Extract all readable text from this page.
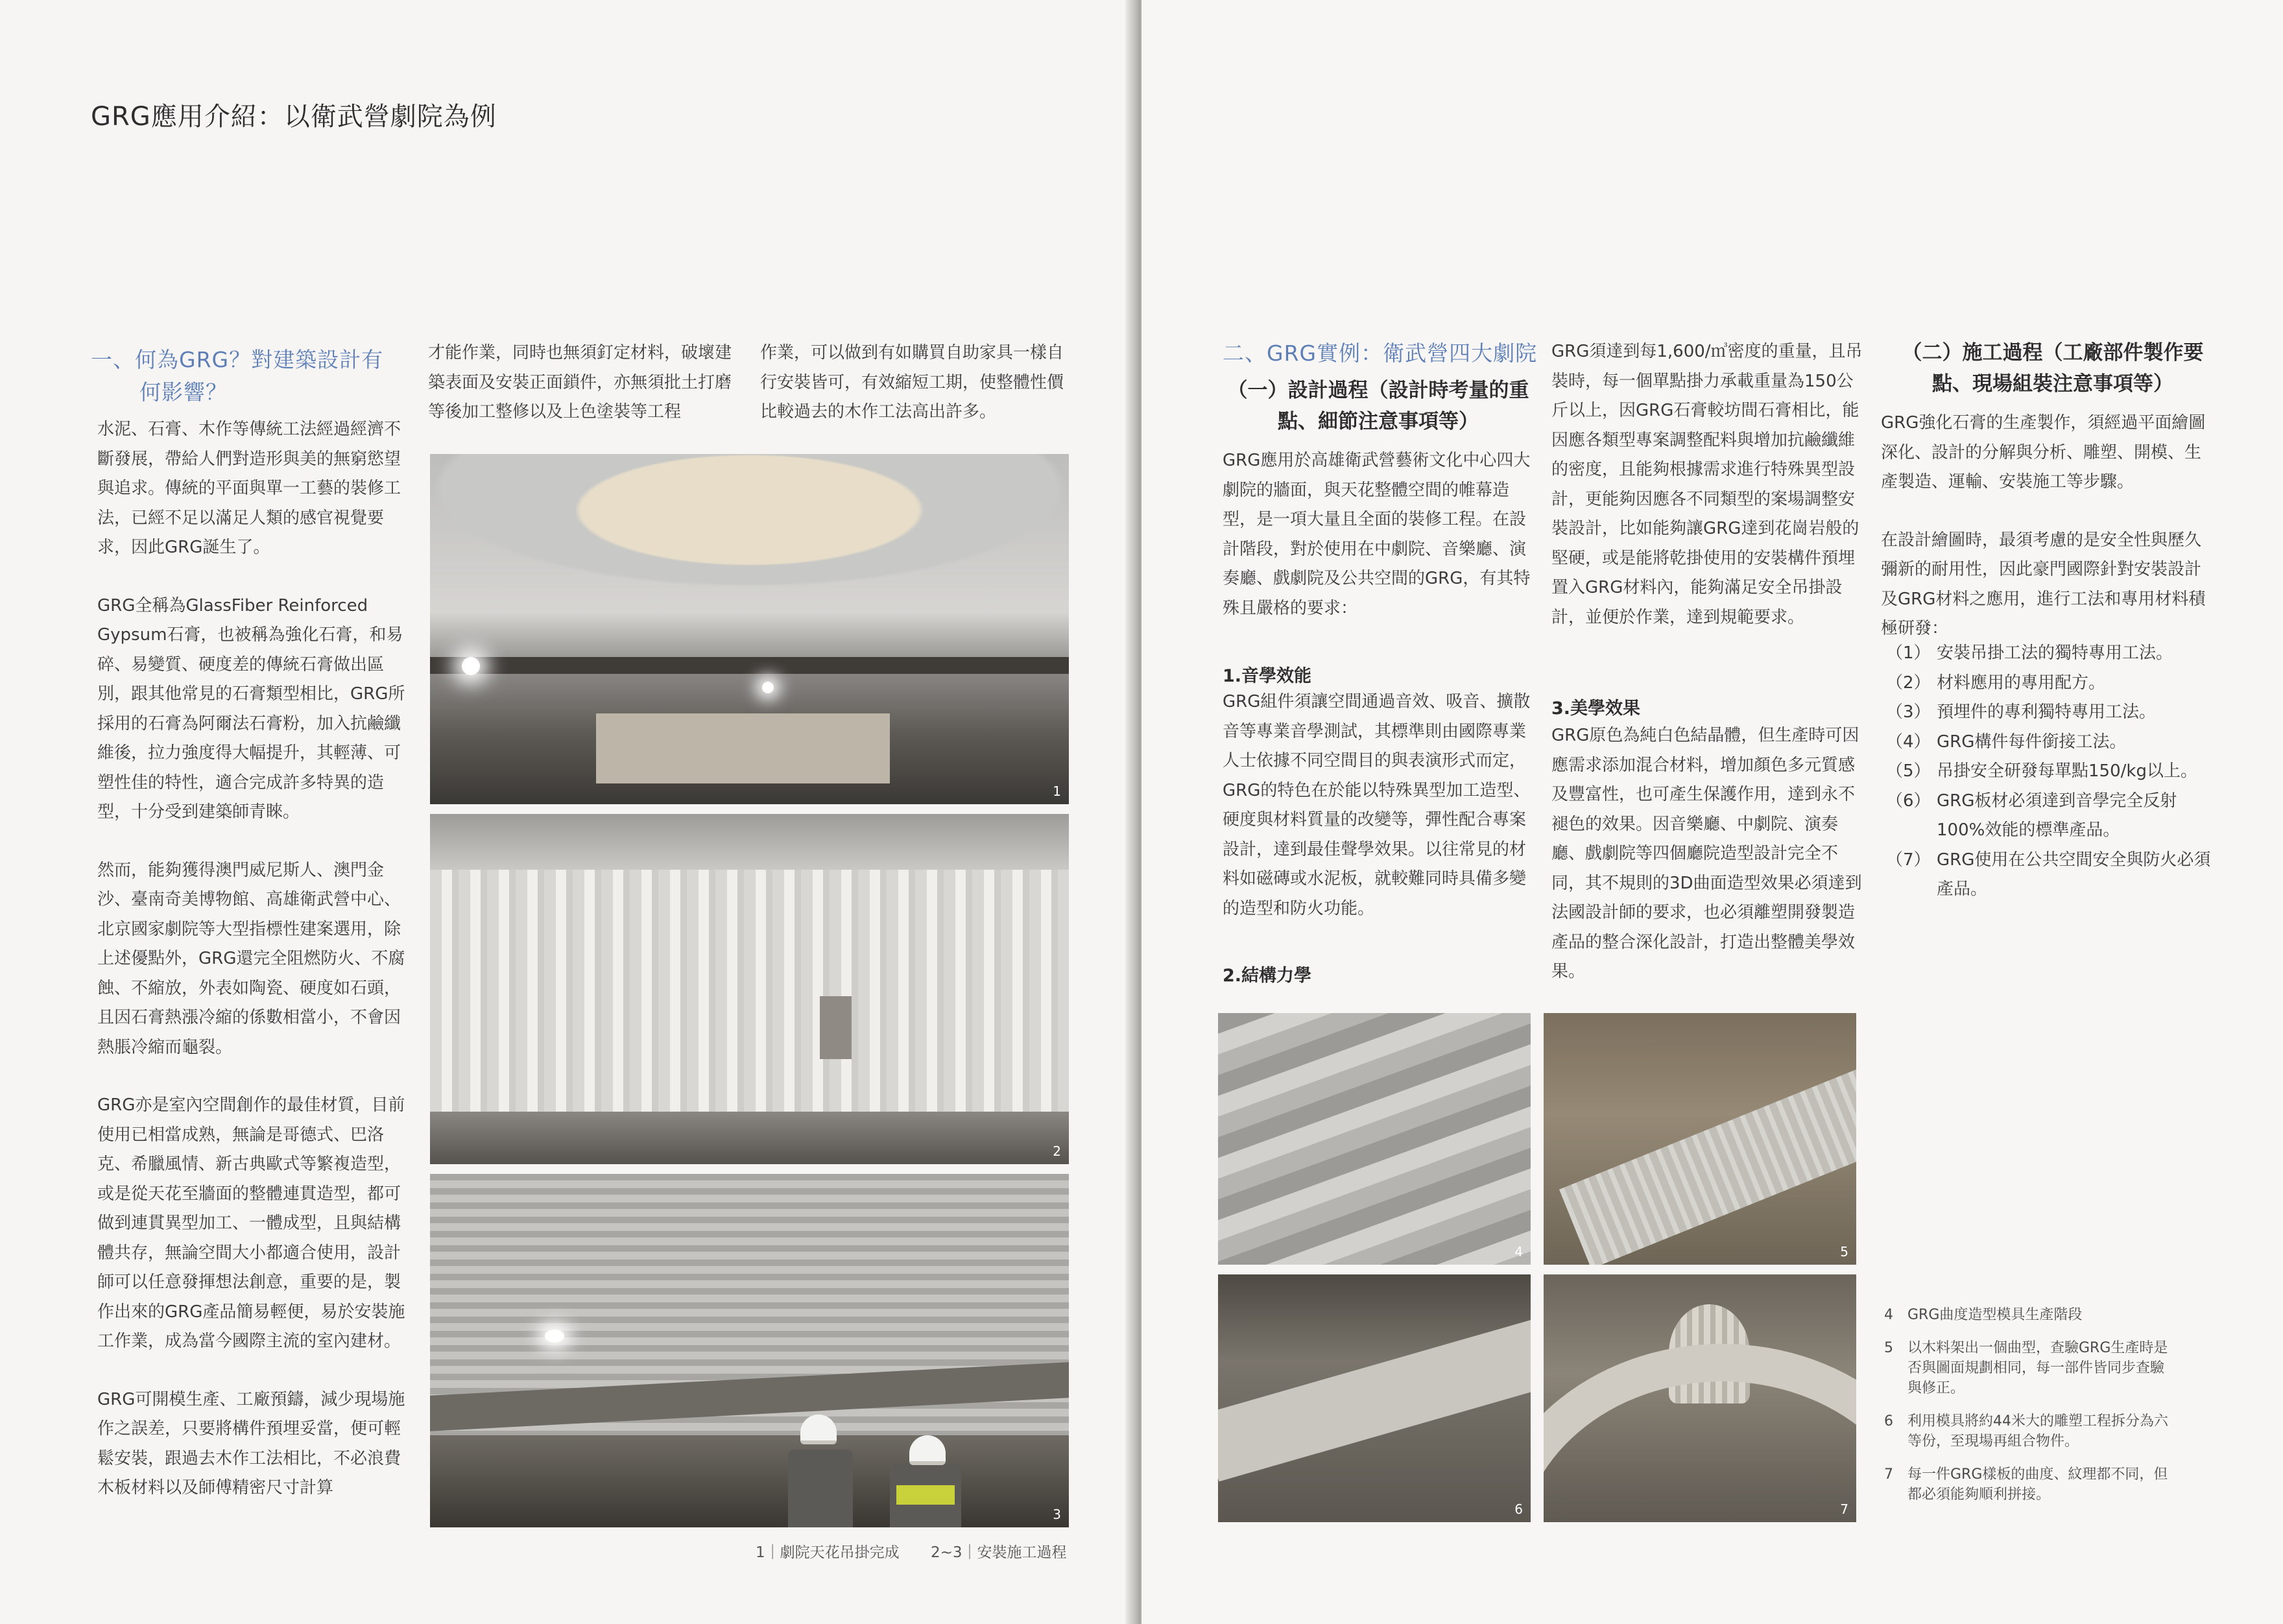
GRG應用介紹：以衛武營劇院為例
一、何為GRG？對建築設計有
何影響？

水泥、石膏、木作等傳統工法經過經濟不斷發展，帶給人們對造形與美的無窮慾望與追求。傳統的平面與單一工藝的裝修工法，已經不足以滿足人類的感官視覺要求，因此GRG誕生了。

GRG全稱為GlassFiber Reinforced Gypsum石膏，也被稱為強化石膏，和易碎、易變質、硬度差的傳統石膏做出區別，跟其他常見的石膏類型相比，GRG所採用的石膏為阿爾法石膏粉，加入抗鹼纖維後，拉力強度得大幅提升，其輕薄、可塑性佳的特性，適合完成許多特異的造型，十分受到建築師青睞。

然而，能夠獲得澳門威尼斯人、澳門金沙、臺南奇美博物館、高雄衛武營中心、北京國家劇院等大型指標性建案選用，除上述優點外，GRG還完全阻燃防火、不腐蝕、不縮放，外表如陶瓷、硬度如石頭，且因石膏熱漲冷縮的係數相當小，不會因熱脹冷縮而龜裂。

GRG亦是室內空間創作的最佳材質，目前使用已相當成熟，無論是哥德式、巴洛克、希臘風情、新古典歐式等繁複造型，或是從天花至牆面的整體連貫造型，都可做到連貫異型加工、一體成型，且與結構體共存，無論空間大小都適合使用，設計師可以任意發揮想法創意，重要的是，製作出來的GRG產品簡易輕便，易於安裝施工作業，成為當今國際主流的室內建材。

GRG可開模生產、工廠預鑄，減少現場施作之誤差，只要將構件預埋妥當，便可輕鬆安裝，跟過去木作工法相比，不必浪費木板材料以及師傅精密尺寸計算

才能作業，同時也無須釘定材料，破壞建築表面及安裝正面鎖件，亦無須批土打磨等後加工整修以及上色塗裝等工程
作業，可以做到有如購買自助家具一樣自行安裝皆可，有效縮短工期，使整體性價比較過去的木作工法高出許多。
1
2
3
1｜劇院天花吊掛完成 2~3｜安裝施工過程
二、GRG實例：衛武營四大劇院
（一）設計過程（設計時考量的重
點、細節注意事項等）
GRG應用於高雄衛武營藝術文化中心四大劇院的牆面，與天花整體空間的帷幕造型，是一項大量且全面的裝修工程。在設計階段，對於使用在中劇院、音樂廳、演奏廳、戲劇院及公共空間的GRG，有其特殊且嚴格的要求：
1.音學效能
GRG組件須讓空間通過音效、吸音、擴散音等專業音學測試，其標準則由國際專業人士依據不同空間目的與表演形式而定，GRG的特色在於能以特殊異型加工造型、硬度與材料質量的改變等，彈性配合專案設計，達到最佳聲學效果。以往常見的材料如磁磚或水泥板，就較難同時具備多變的造型和防火功能。
2.結構力學
GRG須達到每1,600/㎥密度的重量，且吊裝時，每一個單點掛力承載重量為150公斤以上，因GRG石膏較坊間石膏相比，能因應各類型專案調整配料與增加抗鹼纖維的密度，且能夠根據需求進行特殊異型設計，更能夠因應各不同類型的案場調整安裝設計，比如能夠讓GRG達到花崗岩般的堅硬，或是能將乾掛使用的安裝構件預埋置入GRG材料內，能夠滿足安全吊掛設計，並便於作業，達到規範要求。
3.美學效果
GRG原色為純白色結晶體，但生產時可因應需求添加混合材料，增加顏色多元質感及豐富性，也可產生保護作用，達到永不褪色的效果。因音樂廳、中劇院、演奏廳、戲劇院等四個廳院造型設計完全不同，其不規則的3D曲面造型效果必須達到法國設計師的要求，也必須離塑開發製造產品的整合深化設計，打造出整體美學效果。
（二）施工過程（工廠部件製作要
點、現場組裝注意事項等）

GRG強化石膏的生產製作，須經過平面繪圖深化、設計的分解與分析、雕塑、開模、生產製造、運輸、安裝施工等步驟。

在設計繪圖時，最須考慮的是安全性與歷久彌新的耐用性，因此豪門國際針對安裝設計及GRG材料之應用，進行工法和專用材料積極研發：

（1） 安裝吊掛工法的獨特專用工法。
（2） 材料應用的專用配方。
（3） 預埋件的專利獨特專用工法。
（4） GRG構件每件銜接工法。
（5） 吊掛安全研發每單點150/kg以上。
（6） GRG板材必須達到音學完全反射100%效能的標準產品。
（7） GRG使用在公共空間安全與防火必須產品。
4	5
6	7
4	GRG曲度造型模具生產階段
5	以木料架出一個曲型，查驗GRG生產時是否與圖面規劃相同，每一部件皆同步查驗與修正。
6	利用模具將約44米大的雕塑工程拆分為六等份，至現場再組合物件。
7	每一件GRG樣板的曲度、紋理都不同，但都必須能夠順利拼接。
